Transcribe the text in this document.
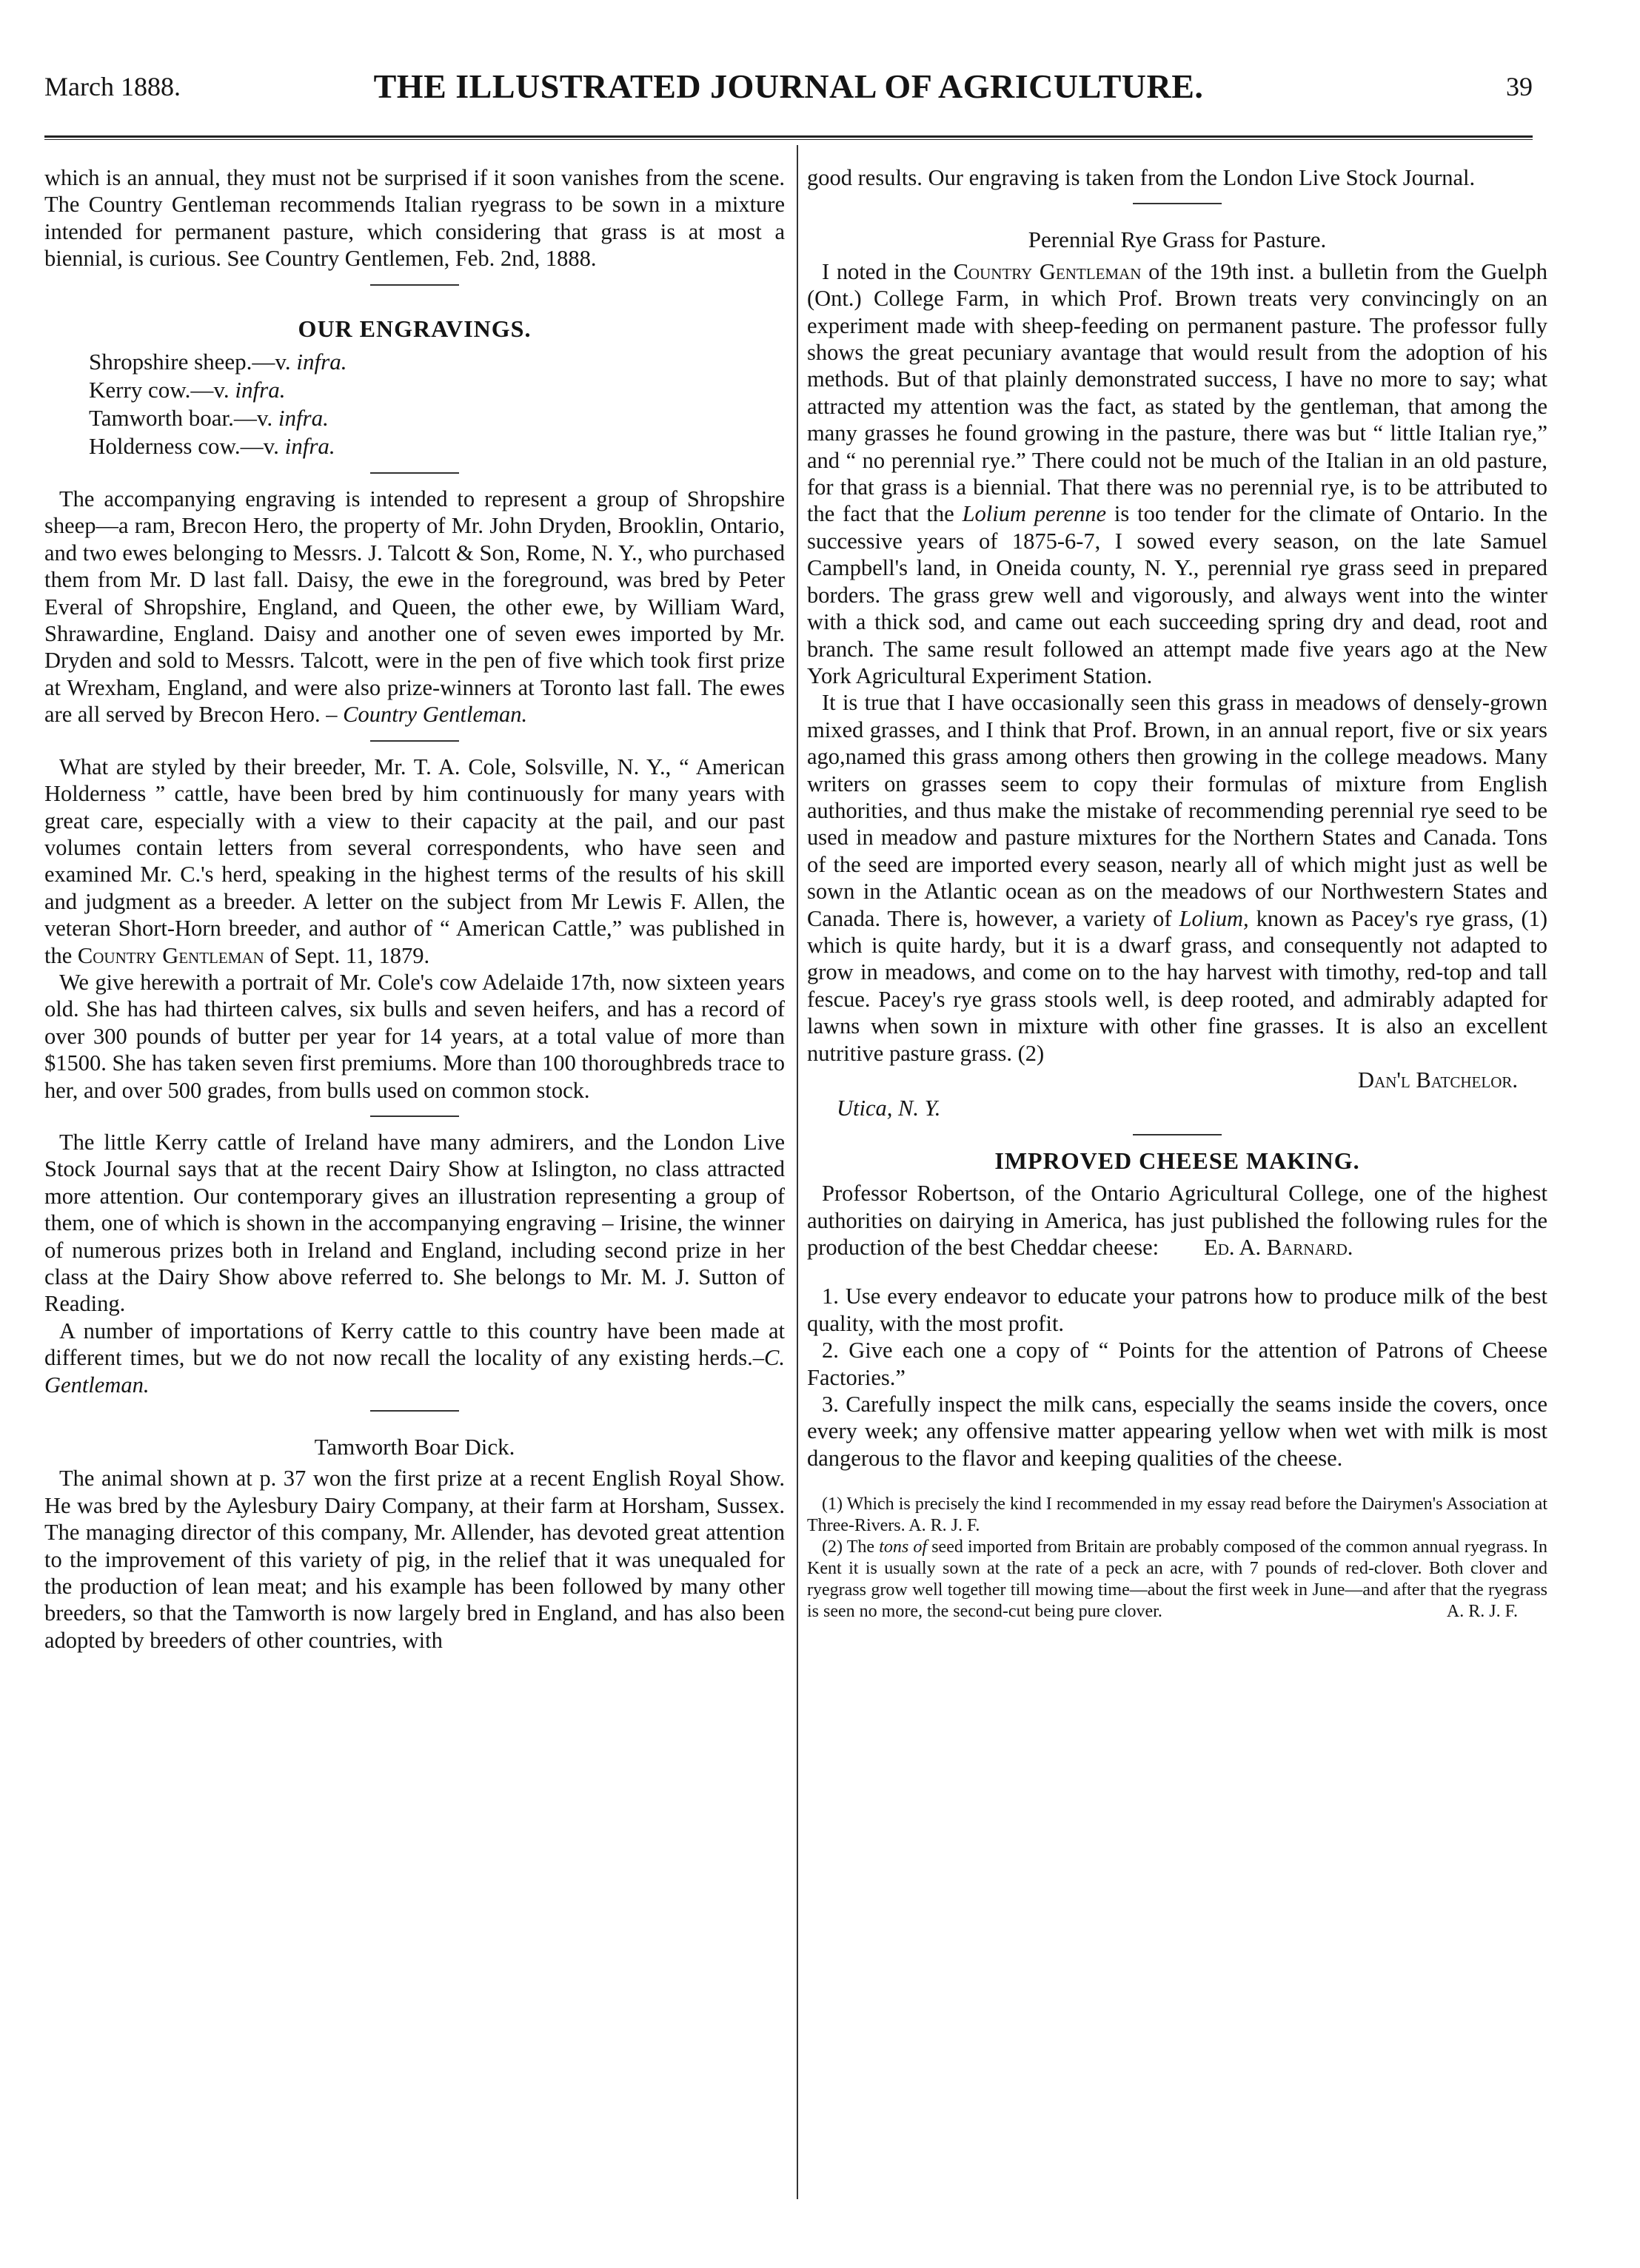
March 1888.	THE ILLUSTRATED JOURNAL OF AGRICULTURE.	39

which is an annual, they must not be surprised if it soon vanishes from the scene. The Country Gentleman recommends Italian ryegrass to be sown in a mixture intended for permanent pasture, which considering that grass is at most a biennial, is curious. See Country Gentlemen, Feb. 2nd, 1888.

OUR ENGRAVINGS.
Shropshire sheep.—v. infra.
Kerry cow.—v. infra.
Tamworth boar.—v. infra.
Holderness cow.—v. infra.

The accompanying engraving is intended to represent a group of Shropshire sheep—a ram, Brecon Hero, the property of Mr. John Dryden, Brooklin, Ontario, and two ewes belonging to Messrs. J. Talcott & Son, Rome, N. Y., who purchased them from Mr. D last fall. Daisy, the ewe in the foreground, was bred by Peter Everal of Shropshire, England, and Queen, the other ewe, by William Ward, Shrawardine, England. Daisy and another one of seven ewes imported by Mr. Dryden and sold to Messrs. Talcott, were in the pen of five which took first prize at Wrexham, England, and were also prize-winners at Toronto last fall. The ewes are all served by Brecon Hero. – Country Gentleman.

What are styled by their breeder, Mr. T. A. Cole, Solsville, N. Y., “ American Holderness ” cattle, have been bred by him continuously for many years with great care, especially with a view to their capacity at the pail, and our past volumes contain letters from several correspondents, who have seen and examined Mr. C.'s herd, speaking in the highest terms of the results of his skill and judgment as a breeder. A letter on the subject from Mr Lewis F. Allen, the veteran Short-Horn breeder, and author of “ American Cattle,” was published in the Country Gentleman of Sept. 11, 1879.

We give herewith a portrait of Mr. Cole's cow Adelaide 17th, now sixteen years old. She has had thirteen calves, six bulls and seven heifers, and has a record of over 300 pounds of butter per year for 14 years, at a total value of more than $1500. She has taken seven first premiums. More than 100 thoroughbreds trace to her, and over 500 grades, from bulls used on common stock.

The little Kerry cattle of Ireland have many admirers, and the London Live Stock Journal says that at the recent Dairy Show at Islington, no class attracted more attention. Our contemporary gives an illustration representing a group of them, one of which is shown in the accompanying engraving – Irisine, the winner of numerous prizes both in Ireland and England, including second prize in her class at the Dairy Show above referred to. She belongs to Mr. M. J. Sutton of Reading.

A number of importations of Kerry cattle to this country have been made at different times, but we do not now recall the locality of any existing herds.–C. Gentleman.

Tamworth Boar Dick.

The animal shown at p. 37 won the first prize at a recent English Royal Show. He was bred by the Aylesbury Dairy Company, at their farm at Horsham, Sussex. The managing director of this company, Mr. Allender, has devoted great attention to the improvement of this variety of pig, in the relief that it was unequaled for the production of lean meat; and his example has been followed by many other breeders, so that the Tamworth is now largely bred in England, and has also been adopted by breeders of other countries, with

good results. Our engraving is taken from the London Live Stock Journal.

Perennial Rye Grass for Pasture.

I noted in the Country Gentleman of the 19th inst. a bulletin from the Guelph (Ont.) College Farm, in which Prof. Brown treats very convincingly on an experiment made with sheep-feeding on permanent pasture. The professor fully shows the great pecuniary avantage that would result from the adoption of his methods. But of that plainly demonstrated success, I have no more to say; what attracted my attention was the fact, as stated by the gentleman, that among the many grasses he found growing in the pasture, there was but “ little Italian rye,” and “ no perennial rye.” There could not be much of the Italian in an old pasture, for that grass is a biennial. That there was no perennial rye, is to be attributed to the fact that the Lolium perenne is too tender for the climate of Ontario. In the successive years of 1875-6-7, I sowed every season, on the late Samuel Campbell's land, in Oneida county, N. Y., perennial rye grass seed in prepared borders. The grass grew well and vigorously, and always went into the winter with a thick sod, and came out each succeeding spring dry and dead, root and branch. The same result followed an attempt made five years ago at the New York Agricultural Experiment Station.

It is true that I have occasionally seen this grass in meadows of densely-grown mixed grasses, and I think that Prof. Brown, in an annual report, five or six years ago,named this grass among others then growing in the college meadows. Many writers on grasses seem to copy their formulas of mixture from English authorities, and thus make the mistake of recommending perennial rye seed to be used in meadow and pasture mixtures for the Northern States and Canada. Tons of the seed are imported every season, nearly all of which might just as well be sown in the Atlantic ocean as on the meadows of our Northwestern States and Canada. There is, however, a variety of Lolium, known as Pacey's rye grass, (1) which is quite hardy, but it is a dwarf grass, and consequently not adapted to grow in meadows, and come on to the hay harvest with timothy, red-top and tall fescue. Pacey's rye grass stools well, is deep rooted, and admirably adapted for lawns when sown in mixture with other fine grasses. It is also an excellent nutritive pasture grass. (2)

Dan'l Batchelor.
Utica, N. Y.
IMPROVED CHEESE MAKING.

Professor Robertson, of the Ontario Agricultural College, one of the highest authorities on dairying in America, has just published the following rules for the production of the best Cheddar cheese: Ed. A. Barnard.

1. Use every endeavor to educate your patrons how to produce milk of the best quality, with the most profit.

2. Give each one a copy of “ Points for the attention of Patrons of Cheese Factories.”

3. Carefully inspect the milk cans, especially the seams inside the covers, once every week; any offensive matter appearing yellow when wet with milk is most dangerous to the flavor and keeping qualities of the cheese.

(1) Which is precisely the kind I recommended in my essay read before the Dairymen's Association at Three-Rivers. A. R. J. F.

(2) The tons of seed imported from Britain are probably composed of the common annual ryegrass. In Kent it is usually sown at the rate of a peck an acre, with 7 pounds of red-clover. Both clover and ryegrass grow well together till mowing time—about the first week in June—and after that the ryegrass is seen no more, the second-cut being pure clover.	A. R. J. F.
